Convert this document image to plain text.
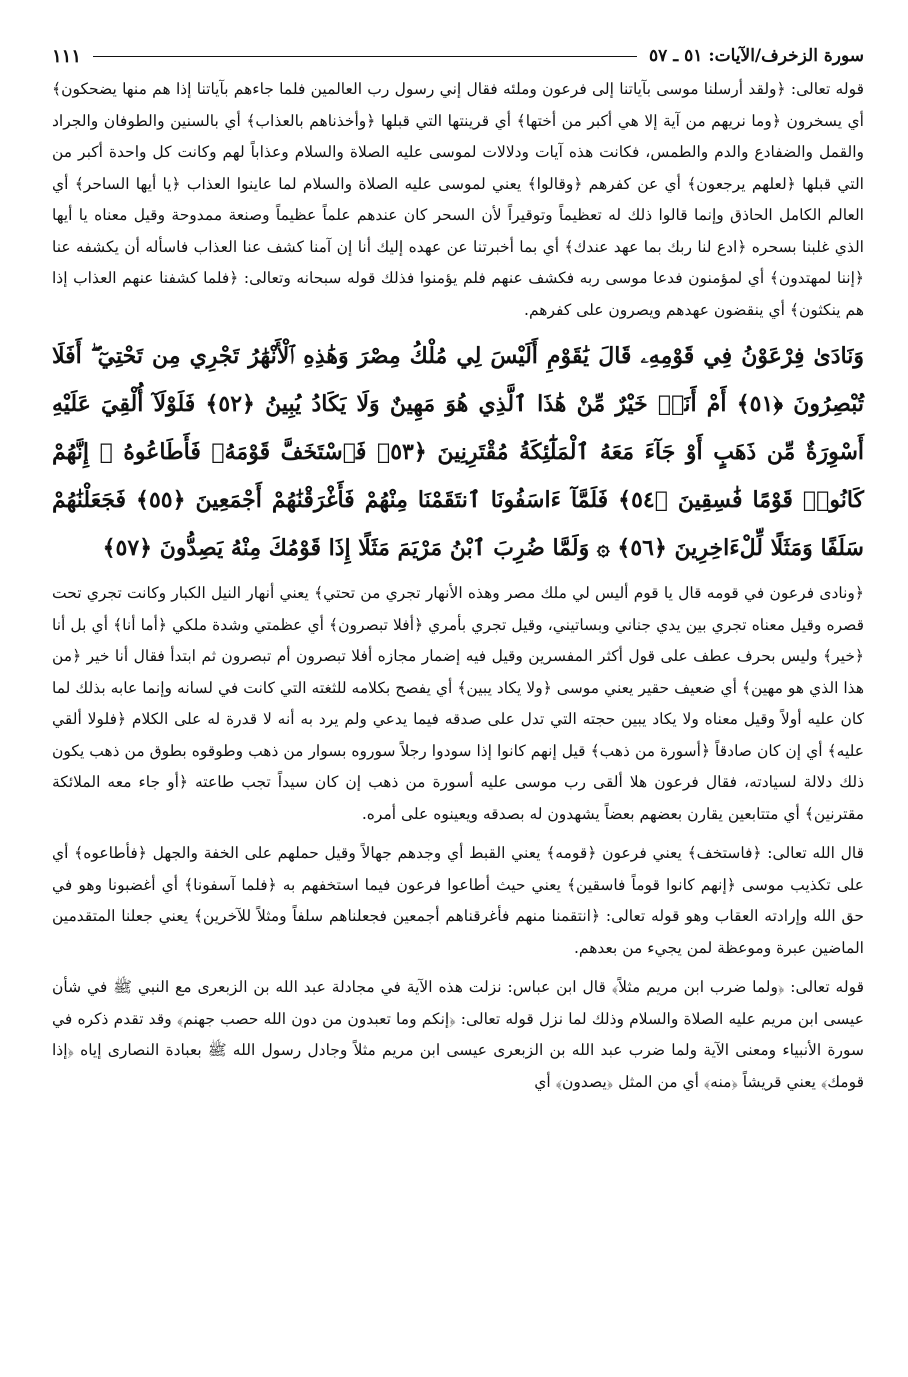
سورة الزخرف/الآيات: ٥١ ـ ٥٧
١١١

قوله تعالى: ﴿ولقد أرسلنا موسى بآياتنا إلى فرعون وملئه فقال إني رسول رب العالمين فلما جاءهم بآياتنا إذا هم منها يضحكون﴾ أي يسخرون ﴿وما نريهم من آية إلا هي أكبر من أختها﴾ أي قرينتها التي قبلها ﴿وأخذناهم بالعذاب﴾ أي بالسنين والطوفان والجراد والقمل والضفادع والدم والطمس، فكانت هذه آيات ودلالات لموسى عليه الصلاة والسلام وعذاباً لهم وكانت كل واحدة أكبر من التي قبلها ﴿لعلهم يرجعون﴾ أي عن كفرهم ﴿وقالوا﴾ يعني لموسى عليه الصلاة والسلام لما عاينوا العذاب ﴿يا أيها الساحر﴾ أي العالم الكامل الحاذق وإنما قالوا ذلك له تعظيماً وتوقيراً لأن السحر كان عندهم علماً عظيماً وصنعة ممدوحة وقيل معناه يا أيها الذي غلبنا بسحره ﴿ادع لنا ربك بما عهد عندك﴾ أي بما أخبرتنا عن عهده إليك أنا إن آمنا كشف عنا العذاب فاسأله أن يكشفه عنا ﴿إننا لمهتدون﴾ أي لمؤمنون فدعا موسى ربه فكشف عنهم فلم يؤمنوا فذلك قوله سبحانه وتعالى: ﴿فلما كشفنا عنهم العذاب إذا هم ينكثون﴾ أي ينقضون عهدهم ويصرون على كفرهم.

وَنَادَىٰ فِرْعَوْنُ فِي قَوْمِهِۦ قَالَ يَٰقَوْمِ أَلَيْسَ لِي مُلْكُ مِصْرَ وَهَٰذِهِ ٱلْأَنْهَٰرُ تَجْرِي مِن تَحْتِيٓ ۖ أَفَلَا تُبْصِرُونَ ﴿٥١﴾ أَمْ أَنَا۠ خَيْرٌ مِّنْ هَٰذَا ٱلَّذِي هُوَ مَهِينٌ وَلَا يَكَادُ يُبِينُ ﴿٥٢﴾ فَلَوْلَآ أُلْقِيَ عَلَيْهِ أَسْوِرَةٌ مِّن ذَهَبٍ أَوْ جَآءَ مَعَهُ ٱلْمَلَٰٓئِكَةُ مُقْتَرِنِينَ ﴿٥٣﴾ فَٱسْتَخَفَّ قَوْمَهُۥ فَأَطَاعُوهُ ۚ إِنَّهُمْ كَانُوا۟ قَوْمًا فَٰسِقِينَ ﴿٥٤﴾ فَلَمَّآ ءَاسَفُونَا ٱنتَقَمْنَا مِنْهُمْ فَأَغْرَقْنَٰهُمْ أَجْمَعِينَ ﴿٥٥﴾ فَجَعَلْنَٰهُمْ سَلَفًا وَمَثَلًا لِّلْءَاخِرِينَ ﴿٥٦﴾ ۞ وَلَمَّا ضُرِبَ ٱبْنُ مَرْيَمَ مَثَلًا إِذَا قَوْمُكَ مِنْهُ يَصِدُّونَ ﴿٥٧﴾

﴿ونادى فرعون في قومه قال يا قوم أليس لي ملك مصر وهذه الأنهار تجري من تحتي﴾ يعني أنهار النيل الكبار وكانت تجري تحت قصره وقيل معناه تجري بين يدي جناني وبساتيني، وقيل تجري بأمري ﴿أفلا تبصرون﴾ أي عظمتي وشدة ملكي ﴿أما أنا﴾ أي بل أنا ﴿خير﴾ وليس بحرف عطف على قول أكثر المفسرين وقيل فيه إضمار مجازه أفلا تبصرون أم تبصرون ثم ابتدأ فقال أنا خير ﴿من هذا الذي هو مهين﴾ أي ضعيف حقير يعني موسى ﴿ولا يكاد يبين﴾ أي يفصح بكلامه للثغته التي كانت في لسانه وإنما عابه بذلك لما كان عليه أولاً وقيل معناه ولا يكاد يبين حجته التي تدل على صدقه فيما يدعي ولم يرد به أنه لا قدرة له على الكلام ﴿فلولا ألقي عليه﴾ أي إن كان صادقاً ﴿أسورة من ذهب﴾ قيل إنهم كانوا إذا سودوا رجلاً سوروه بسوار من ذهب وطوقوه بطوق من ذهب يكون ذلك دلالة لسيادته، فقال فرعون هلا ألقى رب موسى عليه أسورة من ذهب إن كان سيداً تجب طاعته ﴿أو جاء معه الملائكة مقترنين﴾ أي متتابعين يقارن بعضهم بعضاً يشهدون له بصدقه ويعينوه على أمره.

قال الله تعالى: ﴿فاستخف﴾ يعني فرعون ﴿قومه﴾ يعني القبط أي وجدهم جهالاً وقيل حملهم على الخفة والجهل ﴿فأطاعوه﴾ أي على تكذيب موسى ﴿إنهم كانوا قوماً فاسقين﴾ يعني حيث أطاعوا فرعون فيما استخفهم به ﴿فلما آسفونا﴾ أي أغضبونا وهو في حق الله وإرادته العقاب وهو قوله تعالى: ﴿انتقمنا منهم فأغرقناهم أجمعين فجعلناهم سلفاً ومثلاً للآخرين﴾ يعني جعلنا المتقدمين الماضين عبرة وموعظة لمن يجيء من بعدهم.

قوله تعالى: ﴿ولما ضرب ابن مريم مثلاً﴾ قال ابن عباس: نزلت هذه الآية في مجادلة عبد الله بن الزبعرى مع النبي ﷺ في شأن عيسى ابن مريم عليه الصلاة والسلام وذلك لما نزل قوله تعالى: ﴿إنكم وما تعبدون من دون الله حصب جهنم﴾ وقد تقدم ذكره في سورة الأنبياء ومعنى الآية ولما ضرب عبد الله بن الزبعرى عيسى ابن مريم مثلاً وجادل رسول الله ﷺ بعبادة النصارى إياه ﴿إذا قومك﴾ يعني قريشاً ﴿منه﴾ أي من المثل ﴿يصدون﴾ أي
